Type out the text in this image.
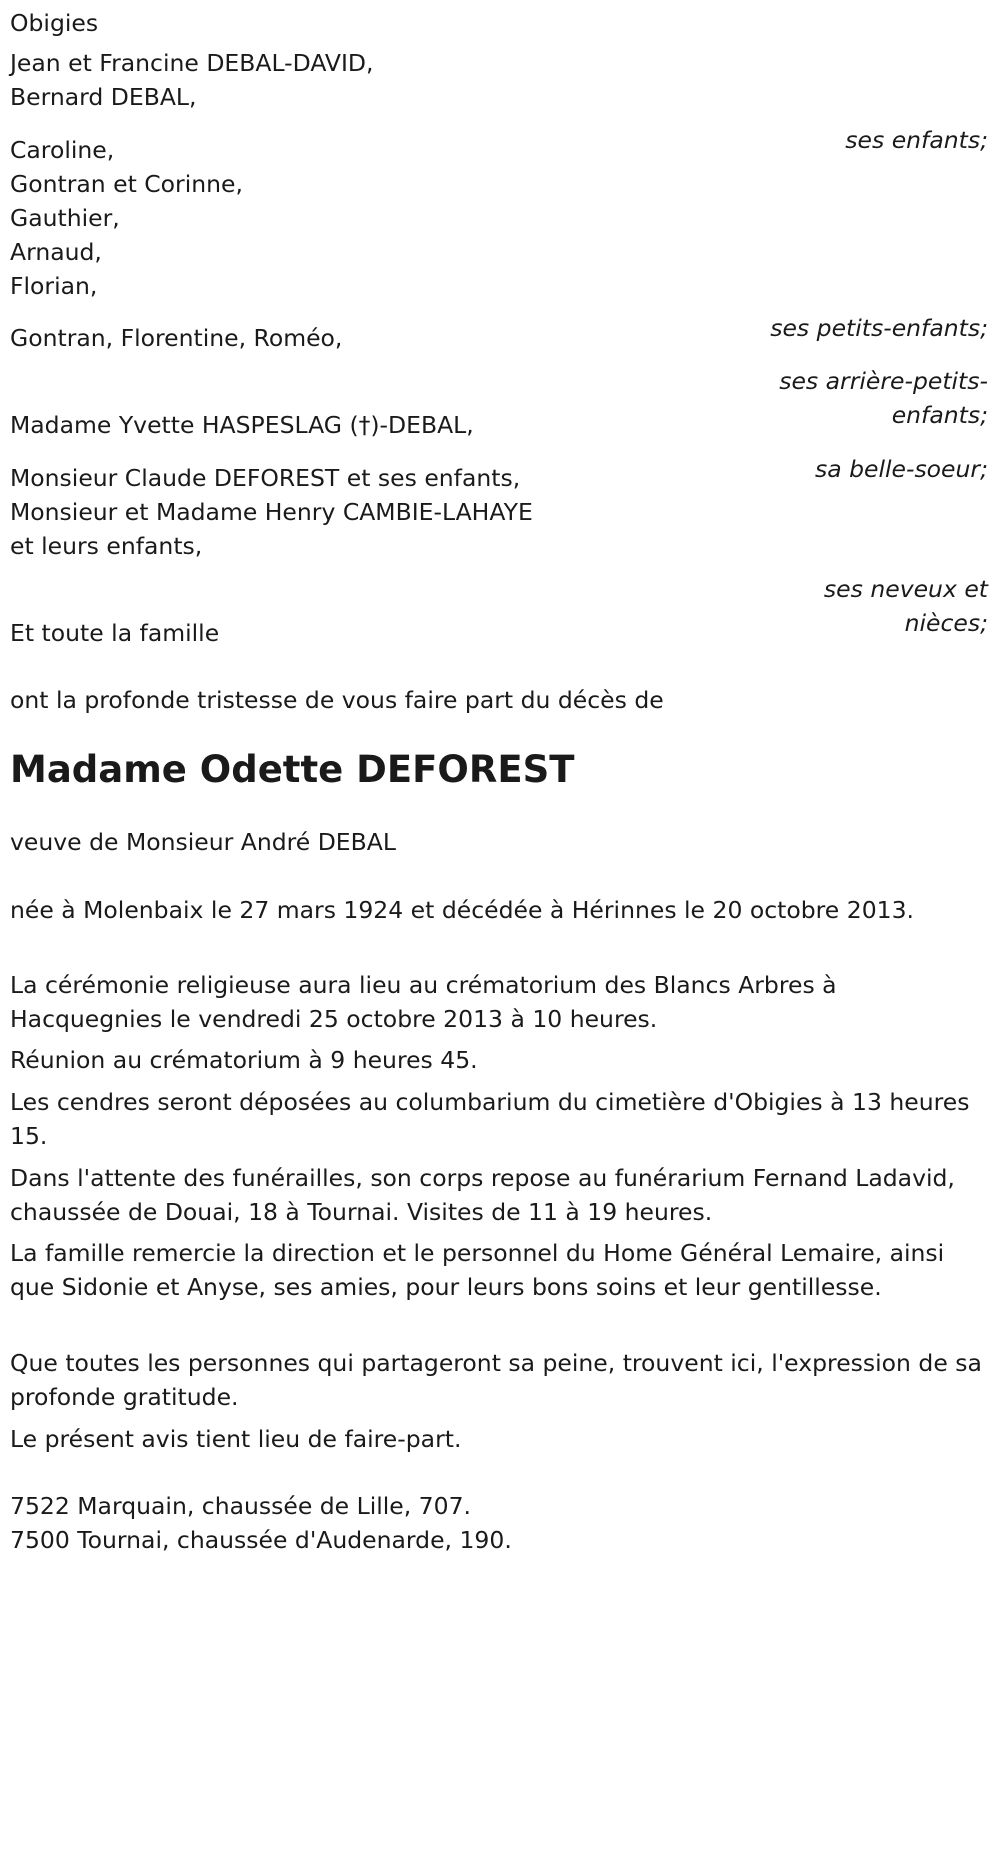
Obigies

Jean et Francine DEBAL-DAVID,

Bernard DEBAL,

ses enfants;

Caroline,

Gontran et Corinne,

Gauthier,

Arnaud,

Florian,

ses petits-enfants;

Gontran, Florentine, Roméo,

ses arrière-petits-

enfants;

Madame Yvette HASPESLAG (†)-DEBAL,

sa belle-soeur;

Monsieur Claude DEFOREST et ses enfants,

Monsieur et Madame Henry CAMBIE-LAHAYE

et leurs enfants,

ses neveux et

nièces;

Et toute la famille

ont la profonde tristesse de vous faire part du décès de

Madame Odette DEFOREST

veuve de Monsieur André DEBAL

née à Molenbaix le 27 mars 1924 et décédée à Hérinnes le 20 octobre 2013.

La cérémonie religieuse aura lieu au crématorium des Blancs Arbres à Hacquegnies le vendredi 25 octobre 2013 à 10 heures.

Réunion au crématorium à 9 heures 45.

Les cendres seront déposées au columbarium du cimetière d'Obigies à 13 heures 15.

Dans l'attente des funérailles, son corps repose au funérarium Fernand Ladavid, chaussée de Douai, 18 à Tournai. Visites de 11 à 19 heures.

La famille remercie la direction et le personnel du Home Général Lemaire, ainsi que Sidonie et Anyse, ses amies, pour leurs bons soins et leur gentillesse.

Que toutes les personnes qui partageront sa peine, trouvent ici, l'expression de sa profonde gratitude.

Le présent avis tient lieu de faire-part.

7522 Marquain, chaussée de Lille, 707.

7500 Tournai, chaussée d'Audenarde, 190.
